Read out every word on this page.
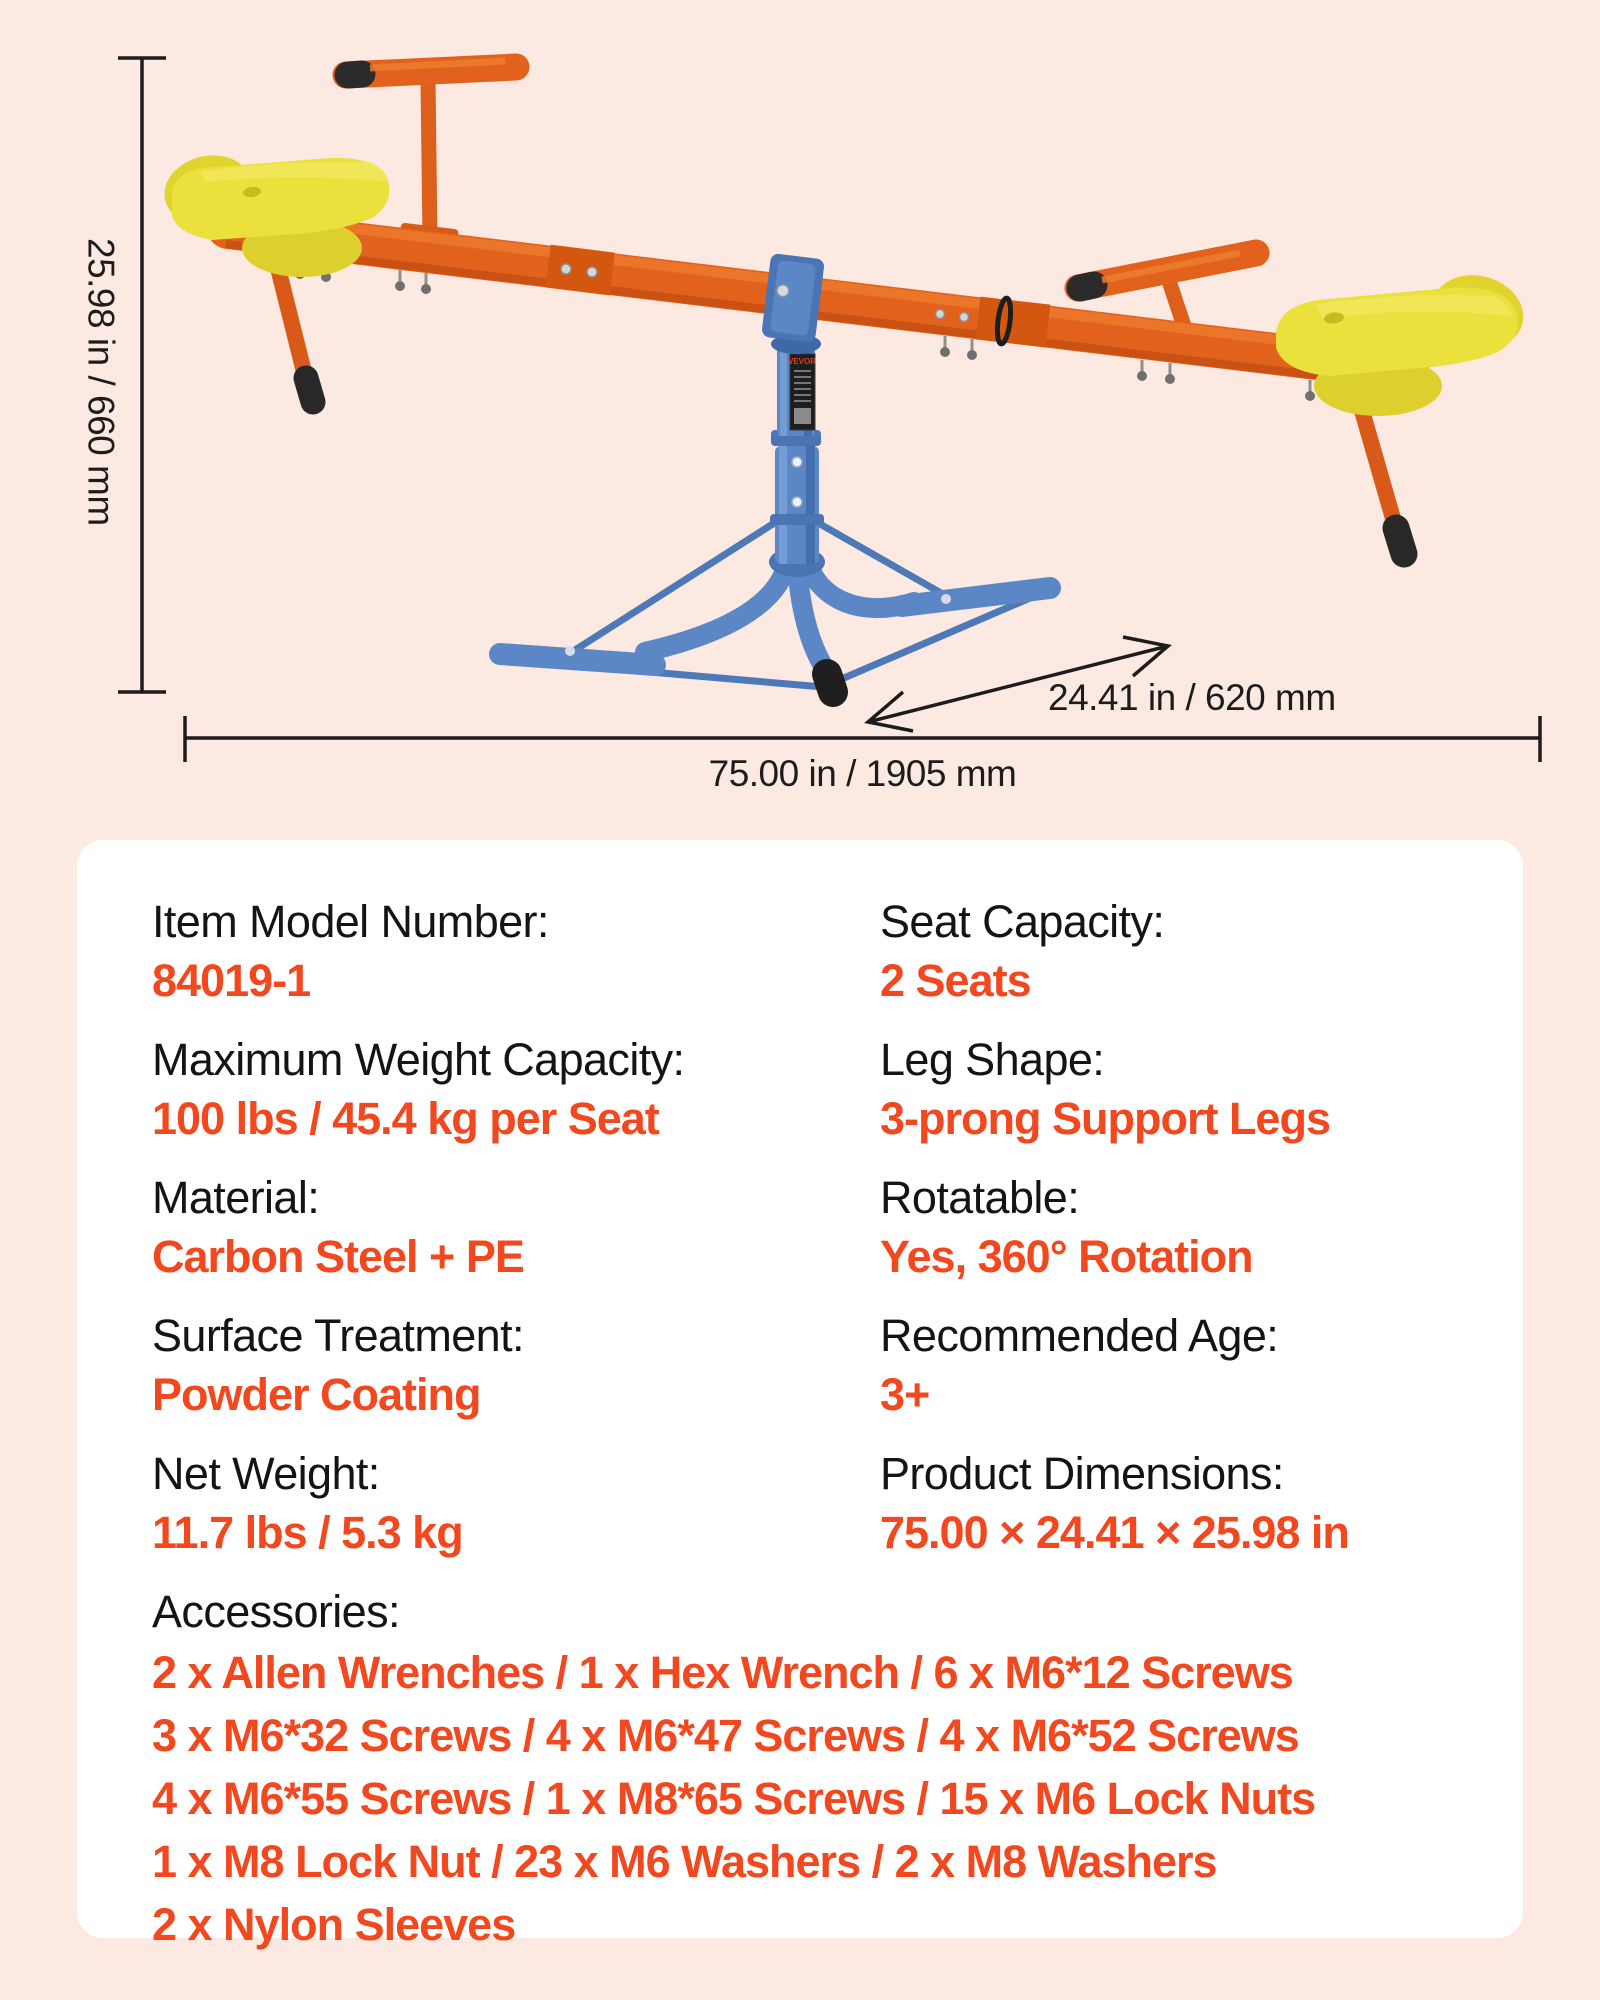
VEVOR
25.98 in / 660 mm
24.41 in / 620 mm
75.00 in / 1905 mm
Item Model Number:
84019-1
Seat Capacity:
2 Seats
Maximum Weight Capacity:
100 lbs / 45.4 kg per Seat
Leg Shape:
3-prong Support Legs
Material:
Carbon Steel + PE
Rotatable:
Yes, 360° Rotation
Surface Treatment:
Powder Coating
Recommended Age:
3+
Net Weight:
11.7 lbs / 5.3 kg
Product Dimensions:
75.00 × 24.41 × 25.98 in
Accessories:
2 x Allen Wrenches / 1 x Hex Wrench / 6 x M6*12 Screws
3 x M6*32 Screws / 4 x M6*47 Screws / 4 x M6*52 Screws
4 x M6*55 Screws / 1 x M8*65 Screws / 15 x M6 Lock Nuts
1 x M8 Lock Nut / 23 x M6 Washers / 2 x M8 Washers
2 x Nylon Sleeves
